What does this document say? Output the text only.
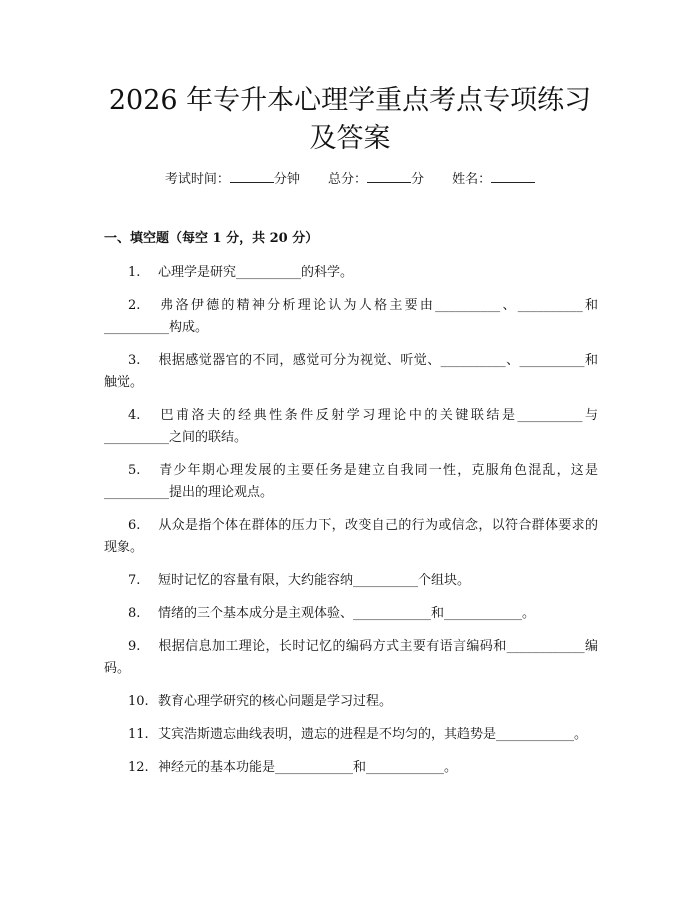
2026 年专升本心理学重点考点专项练习及答案
考试时间：	分钟 总分：	分 姓名：
一、填空题（每空 1 分，共 20 分）
1. 心理学是研究__________的科学。
2. 弗洛伊德的精神分析理论认为人格主要由__________、__________和__________构成。
3. 根据感觉器官的不同，感觉可分为视觉、听觉、__________、__________和触觉。
4. 巴甫洛夫的经典性条件反射学习理论中的关键联结是__________与__________之间的联结。
5. 青少年期心理发展的主要任务是建立自我同一性，克服角色混乱，这是__________提出的理论观点。
6. 从众是指个体在群体的压力下，改变自己的行为或信念，以符合群体要求的现象。
7. 短时记忆的容量有限，大约能容纳__________个组块。
8. 情绪的三个基本成分是主观体验、____________和____________。
9. 根据信息加工理论，长时记忆的编码方式主要有语言编码和____________编码。
10. 教育心理学研究的核心问题是学习过程。
11. 艾宾浩斯遗忘曲线表明，遗忘的进程是不均匀的，其趋势是____________。
12. 神经元的基本功能是____________和____________。
